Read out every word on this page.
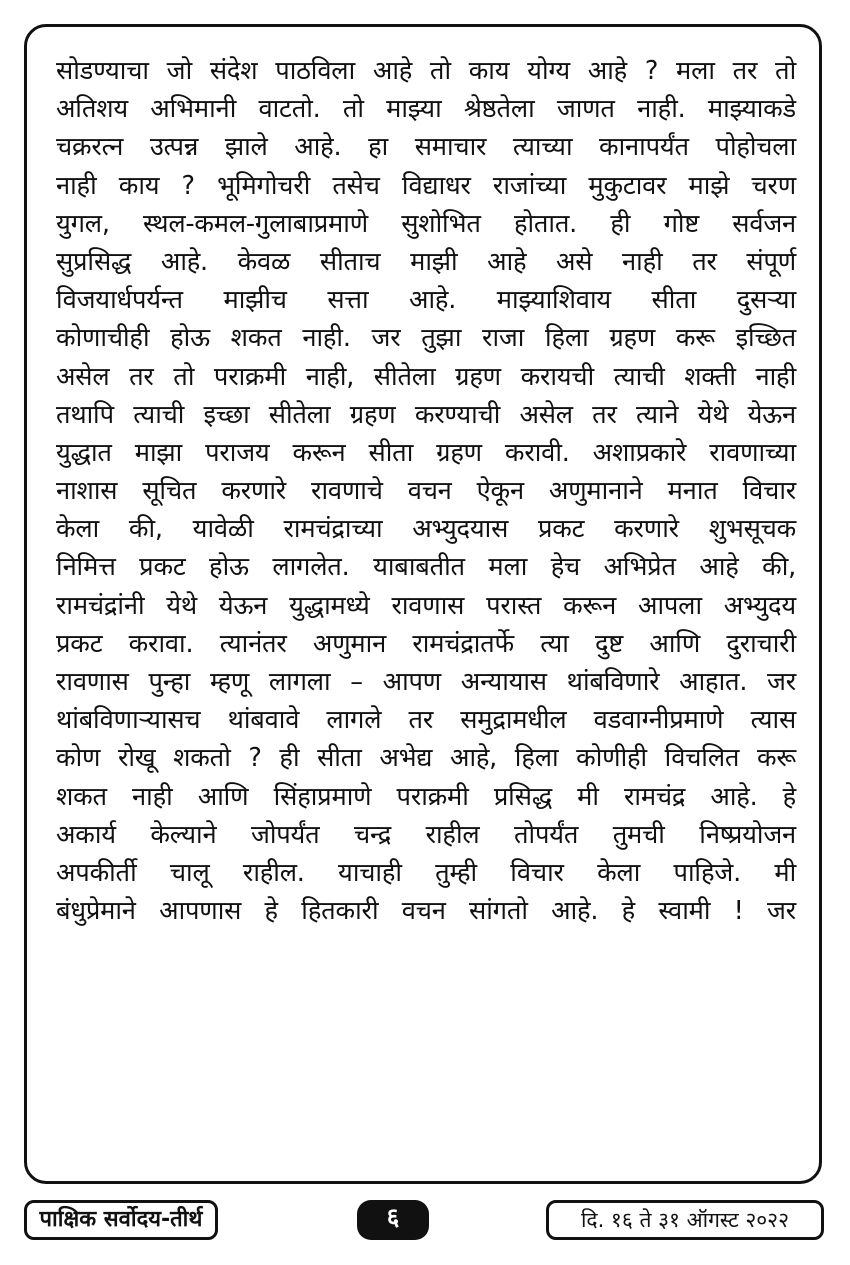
सोडण्याचा जो संदेश पाठविला आहे तो काय योग्य आहे ? मला तर तो
अतिशय अभिमानी वाटतो. तो माझ्या श्रेष्ठतेला जाणत नाही. माझ्याकडे
चक्ररत्न उत्पन्न झाले आहे. हा समाचार त्याच्या कानापर्यंत पोहोचला
नाही काय ? भूमिगोचरी तसेच विद्याधर राजांच्या मुकुटावर माझे चरण
युगल, स्थल-कमल-गुलाबाप्रमाणे सुशोभित होतात. ही गोष्ट सर्वजन
सुप्रसिद्ध आहे. केवळ सीताच माझी आहे असे नाही तर संपूर्ण
विजयार्धपर्यन्त माझीच सत्ता आहे. माझ्याशिवाय सीता दुसऱ्या
कोणाचीही होऊ शकत नाही. जर तुझा राजा हिला ग्रहण करू इच्छित
असेल तर तो पराक्रमी नाही, सीतेला ग्रहण करायची त्याची शक्ती नाही
तथापि त्याची इच्छा सीतेला ग्रहण करण्याची असेल तर त्याने येथे येऊन
युद्धात माझा पराजय करून सीता ग्रहण करावी. अशाप्रकारे रावणाच्या
नाशास सूचित करणारे रावणाचे वचन ऐकून अणुमानाने मनात विचार
केला की, यावेळी रामचंद्राच्या अभ्युदयास प्रकट करणारे शुभसूचक
निमित्त प्रकट होऊ लागलेत. याबाबतीत मला हेच अभिप्रेत आहे की,
रामचंद्रांनी येथे येऊन युद्धामध्ये रावणास परास्त करून आपला अभ्युदय
प्रकट करावा. त्यानंतर अणुमान रामचंद्रातर्फे त्या दुष्ट आणि दुराचारी
रावणास पुन्हा म्हणू लागला – आपण अन्यायास थांबविणारे आहात. जर
थांबविणाऱ्यासच थांबवावे लागले तर समुद्रामधील वडवाग्नीप्रमाणे त्यास
कोण रोखू शकतो ? ही सीता अभेद्य आहे, हिला कोणीही विचलित करू
शकत नाही आणि सिंहाप्रमाणे पराक्रमी प्रसिद्ध मी रामचंद्र आहे. हे
अकार्य केल्याने जोपर्यंत चन्द्र राहील तोपर्यंत तुमची निष्प्रयोजन
अपकीर्ती चालू राहील. याचाही तुम्ही विचार केला पाहिजे. मी
बंधुप्रेमाने आपणास हे हितकारी वचन सांगतो आहे. हे स्वामी ! जर
पाक्षिक सर्वोदय-तीर्थ	६	दि. १६ ते ३१ ऑगस्ट २०२२
